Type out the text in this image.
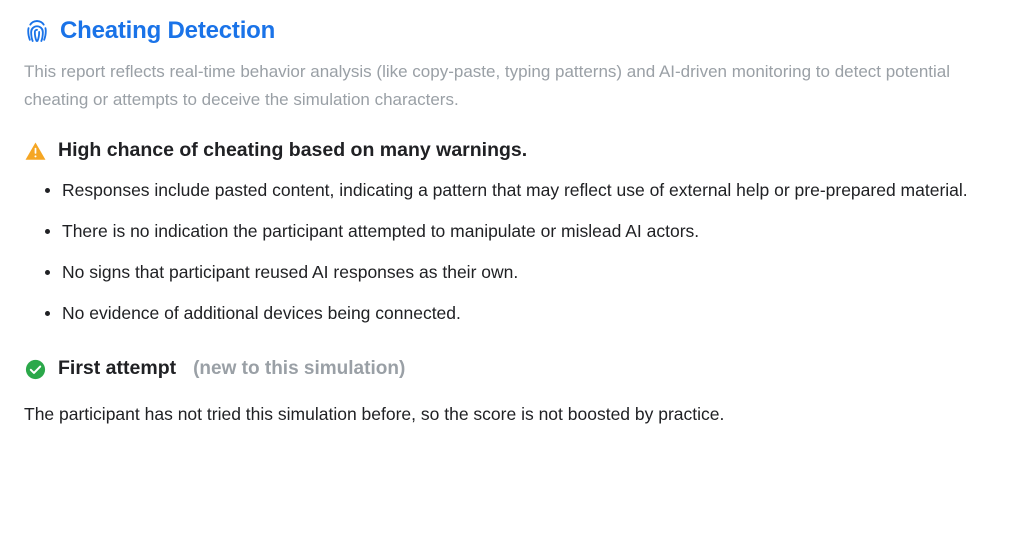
Cheating Detection

This report reflects real-time behavior analysis (like copy-paste, typing patterns) and AI-driven monitoring to detect potential cheating or attempts to deceive the simulation characters.

High chance of cheating based on many warnings.
Responses include pasted content, indicating a pattern that may reflect use of external help or pre-prepared material.
There is no indication the participant attempted to manipulate or mislead AI actors.
No signs that participant reused AI responses as their own.
No evidence of additional devices being connected.
First attempt (new to this simulation)

The participant has not tried this simulation before, so the score is not boosted by practice.
